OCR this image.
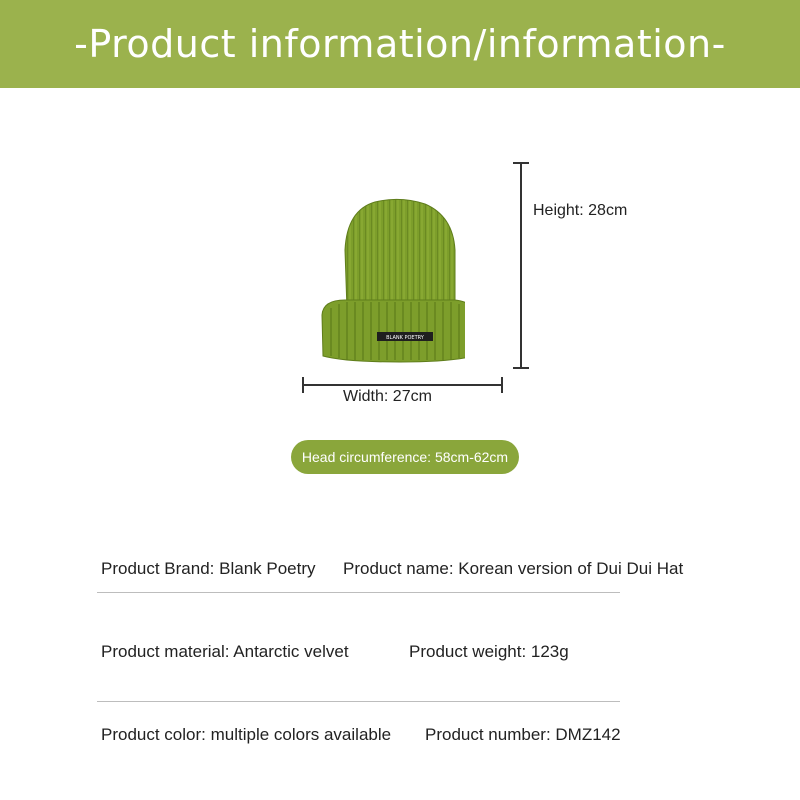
-Product information/information-
BLANK POETRY
Height: 28cm
Width: 27cm
Head circumference: 58cm-62cm
Product Brand: Blank Poetry Product name: Korean version of Dui Dui Hat
Product material: Antarctic velvet	Product weight: 123g
Product color: multiple colors available Product number: DMZ142
